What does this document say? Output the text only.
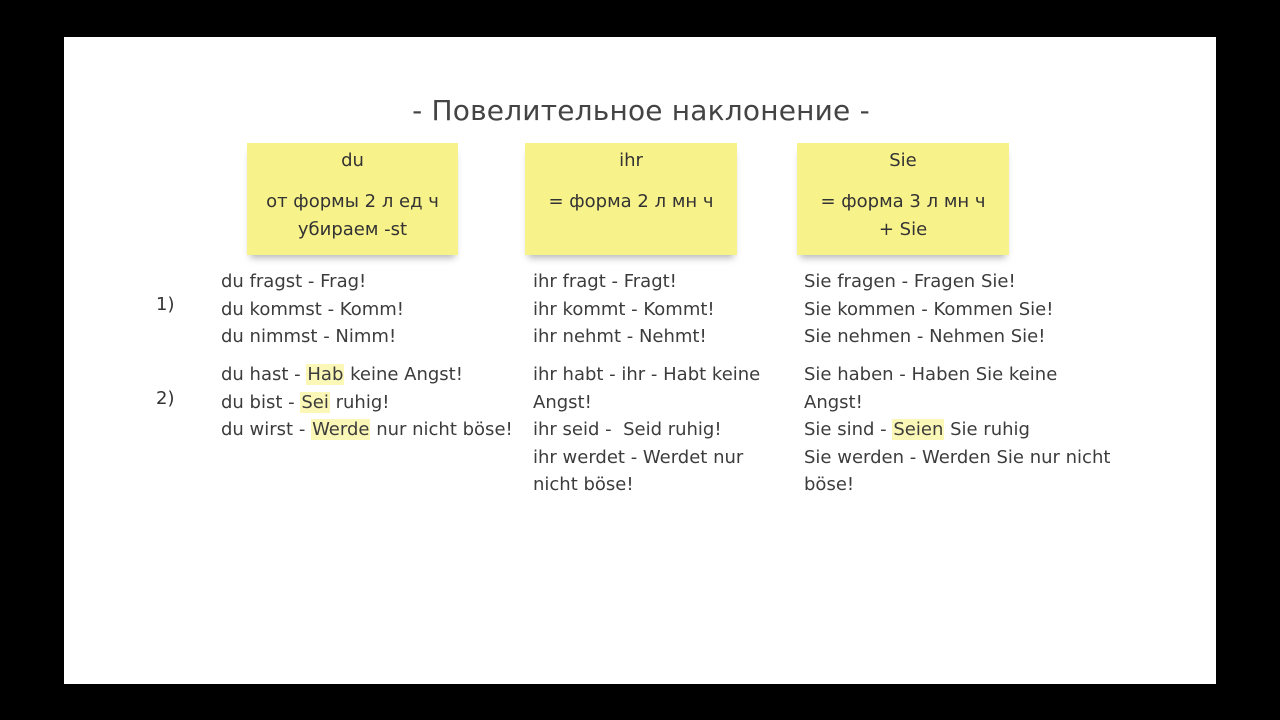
- Повелительное наклонение -
du
от формы 2 л ед ч
убираем -st
ihr
= форма 2 л мн ч
Sie
= форма 3 л мн ч
+ Sie
1)
2)
du fragst - Frag!
du kommst - Komm!
du nimmst - Nimm!
du hast - Hab keine Angst!
du bist - Sei ruhig!
du wirst - Werde nur nicht böse!
ihr fragt - Fragt!
ihr kommt - Kommt!
ihr nehmt - Nehmt!
ihr habt - ihr - Habt keine
Angst!
ihr seid -  Seid ruhig!
ihr werdet - Werdet nur
nicht böse!
Sie fragen - Fragen Sie!
Sie kommen - Kommen Sie!
Sie nehmen - Nehmen Sie!
Sie haben - Haben Sie keine
Angst!
Sie sind - Seien Sie ruhig
Sie werden - Werden Sie nur nicht
böse!
